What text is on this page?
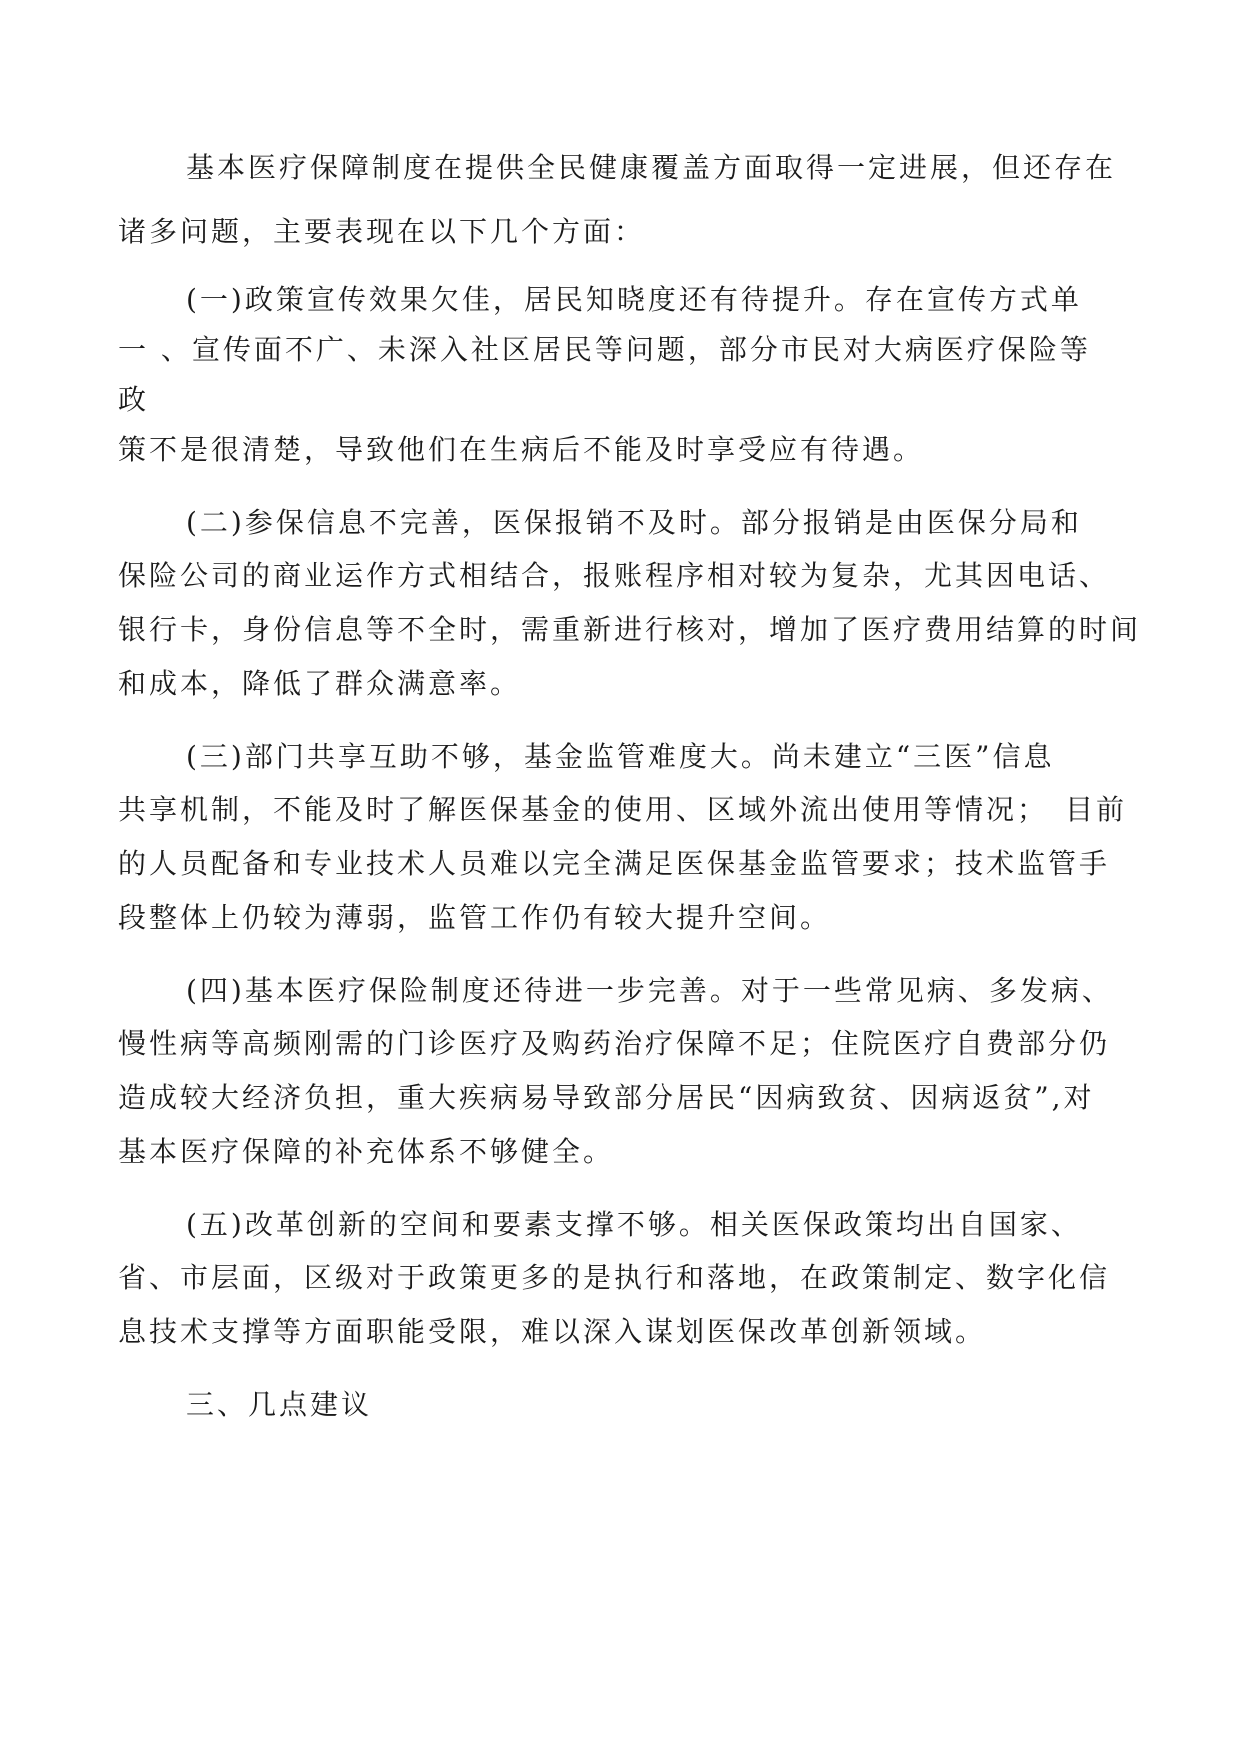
基本医疗保障制度在提供全民健康覆盖方面取得一定进展，但还存在
诸多问题，主要表现在以下几个方面：
(一)政策宣传效果欠佳，居民知晓度还有待提升。存在宣传方式单
一 、宣传面不广、未深入社区居民等问题，部分市民对大病医疗保险等
政
策不是很清楚，导致他们在生病后不能及时享受应有待遇。
(二)参保信息不完善，医保报销不及时。部分报销是由医保分局和
保险公司的商业运作方式相结合，报账程序相对较为复杂，尤其因电话、
银行卡，身份信息等不全时，需重新进行核对，增加了医疗费用结算的时间
和成本，降低了群众满意率。
(三)部门共享互助不够，基金监管难度大。尚未建立“三医”信息
共享机制，不能及时了解医保基金的使用、区域外流出使用等情况；　目前
的人员配备和专业技术人员难以完全满足医保基金监管要求；技术监管手
段整体上仍较为薄弱，监管工作仍有较大提升空间。
(四)基本医疗保险制度还待进一步完善。对于一些常见病、多发病、
慢性病等高频刚需的门诊医疗及购药治疗保障不足；住院医疗自费部分仍
造成较大经济负担，重大疾病易导致部分居民“因病致贫、因病返贫”,对
基本医疗保障的补充体系不够健全。
(五)改革创新的空间和要素支撑不够。相关医保政策均出自国家、
省、市层面，区级对于政策更多的是执行和落地，在政策制定、数字化信
息技术支撑等方面职能受限，难以深入谋划医保改革创新领域。
三、几点建议
